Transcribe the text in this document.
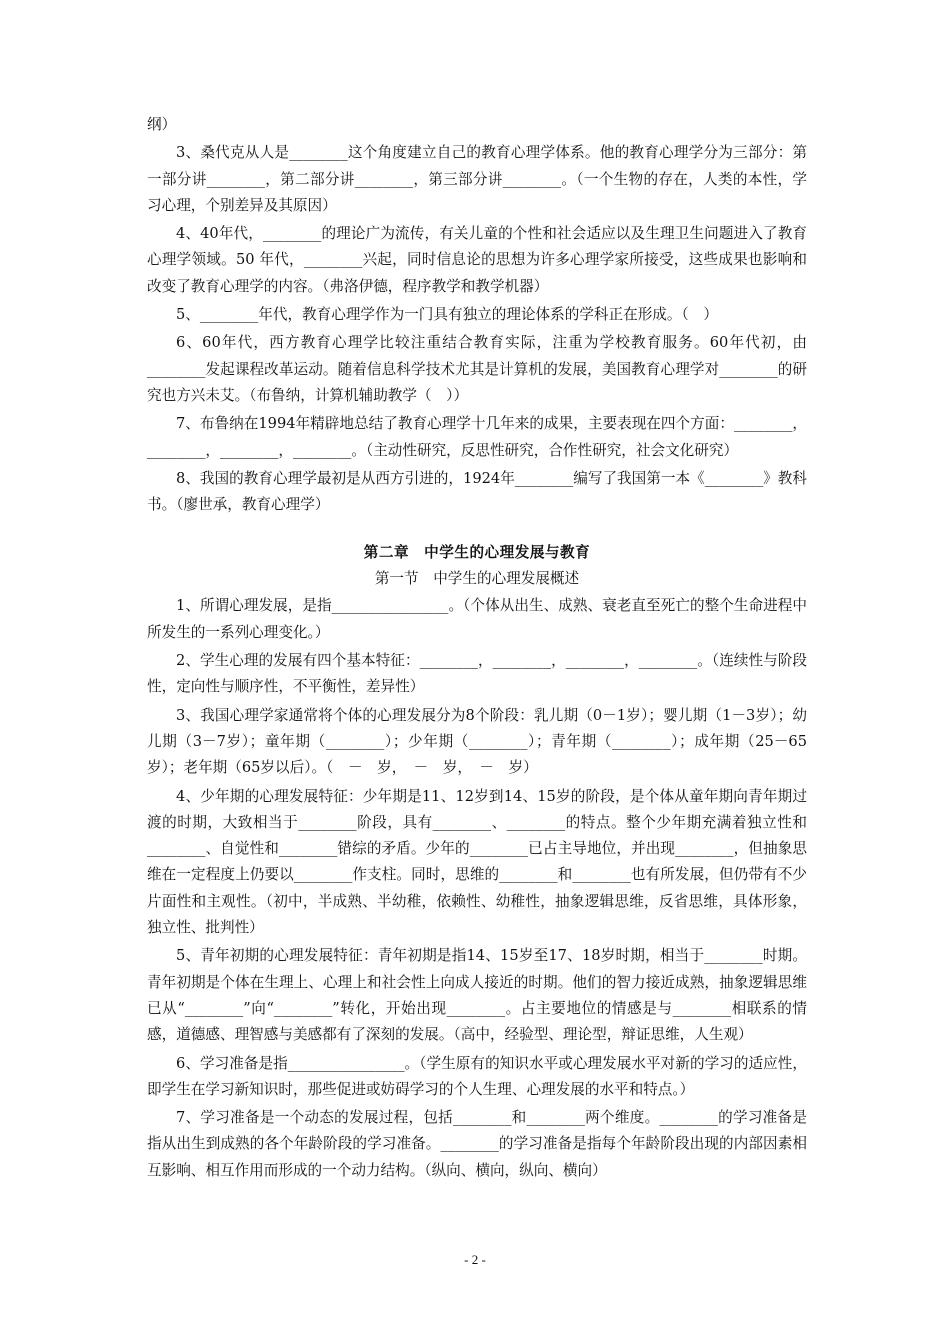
纲）

3、桑代克从人是________这个角度建立自己的教育心理学体系。他的教育心理学分为三部分：第一部分讲________，第二部分讲________，第三部分讲________。（一个生物的存在，人类的本性，学习心理，个别差异及其原因）

4、40年代，________的理论广为流传，有关儿童的个性和社会适应以及生理卫生问题进入了教育心理学领域。50 年代，________兴起，同时信息论的思想为许多心理学家所接受，这些成果也影响和改变了教育心理学的内容。（弗洛伊德，程序教学和教学机器）

5、________年代，教育心理学作为一门具有独立的理论体系的学科正在形成。（　）

6、60年代，西方教育心理学比较注重结合教育实际，注重为学校教育服务。60年代初，由________发起课程改革运动。随着信息科学技术尤其是计算机的发展，美国教育心理学对________的研究也方兴未艾。（布鲁纳，计算机辅助教学（　））

7、布鲁纳在1994年精辟地总结了教育心理学十几年来的成果，主要表现在四个方面：________，________，________，________。（主动性研究，反思性研究，合作性研究，社会文化研究）

8、我国的教育心理学最初是从西方引进的，1924年________编写了我国第一本《________》教科书。（廖世承，教育心理学）

第二章　中学生的心理发展与教育
第一节　中学生的心理发展概述

1、所谓心理发展，是指________________。（个体从出生、成熟、衰老直至死亡的整个生命进程中所发生的一系列心理变化。）

2、学生心理的发展有四个基本特征：________，________，________，________。（连续性与阶段性，定向性与顺序性，不平衡性，差异性）

3、我国心理学家通常将个体的心理发展分为8个阶段：乳儿期（0－1岁）；婴儿期（1－3岁）；幼儿期（3－7岁）；童年期（________）；少年期（________）；青年期（________）；成年期（25－65岁）；老年期（65岁以后）。（　－　岁，　－　岁，　－　岁）

4、少年期的心理发展特征：少年期是11、12岁到14、15岁的阶段，是个体从童年期向青年期过渡的时期，大致相当于________阶段，具有________、________的特点。整个少年期充满着独立性和________、自觉性和________错综的矛盾。少年的________已占主导地位，并出现________，但抽象思维在一定程度上仍要以________作支柱。同时，思维的________和________也有所发展，但仍带有不少片面性和主观性。（初中，半成熟、半幼稚，依赖性、幼稚性，抽象逻辑思维，反省思维，具体形象，独立性、批判性）

5、青年初期的心理发展特征：青年初期是指14、15岁至17、18岁时期，相当于________时期。青年初期是个体在生理上、心理上和社会性上向成人接近的时期。他们的智力接近成熟，抽象逻辑思维已从“________”向“________”转化，开始出现________。占主要地位的情感是与________相联系的情感，道德感、理智感与美感都有了深刻的发展。（高中，经验型、理论型，辩证思维，人生观）

6、学习准备是指________________。（学生原有的知识水平或心理发展水平对新的学习的适应性，即学生在学习新知识时，那些促进或妨碍学习的个人生理、心理发展的水平和特点。）

7、学习准备是一个动态的发展过程，包括________和________两个维度。________的学习准备是指从出生到成熟的各个年龄阶段的学习准备。________的学习准备是指每个年龄阶段出现的内部因素相互影响、相互作用而形成的一个动力结构。（纵向、横向，纵向、横向）

- 2 -
